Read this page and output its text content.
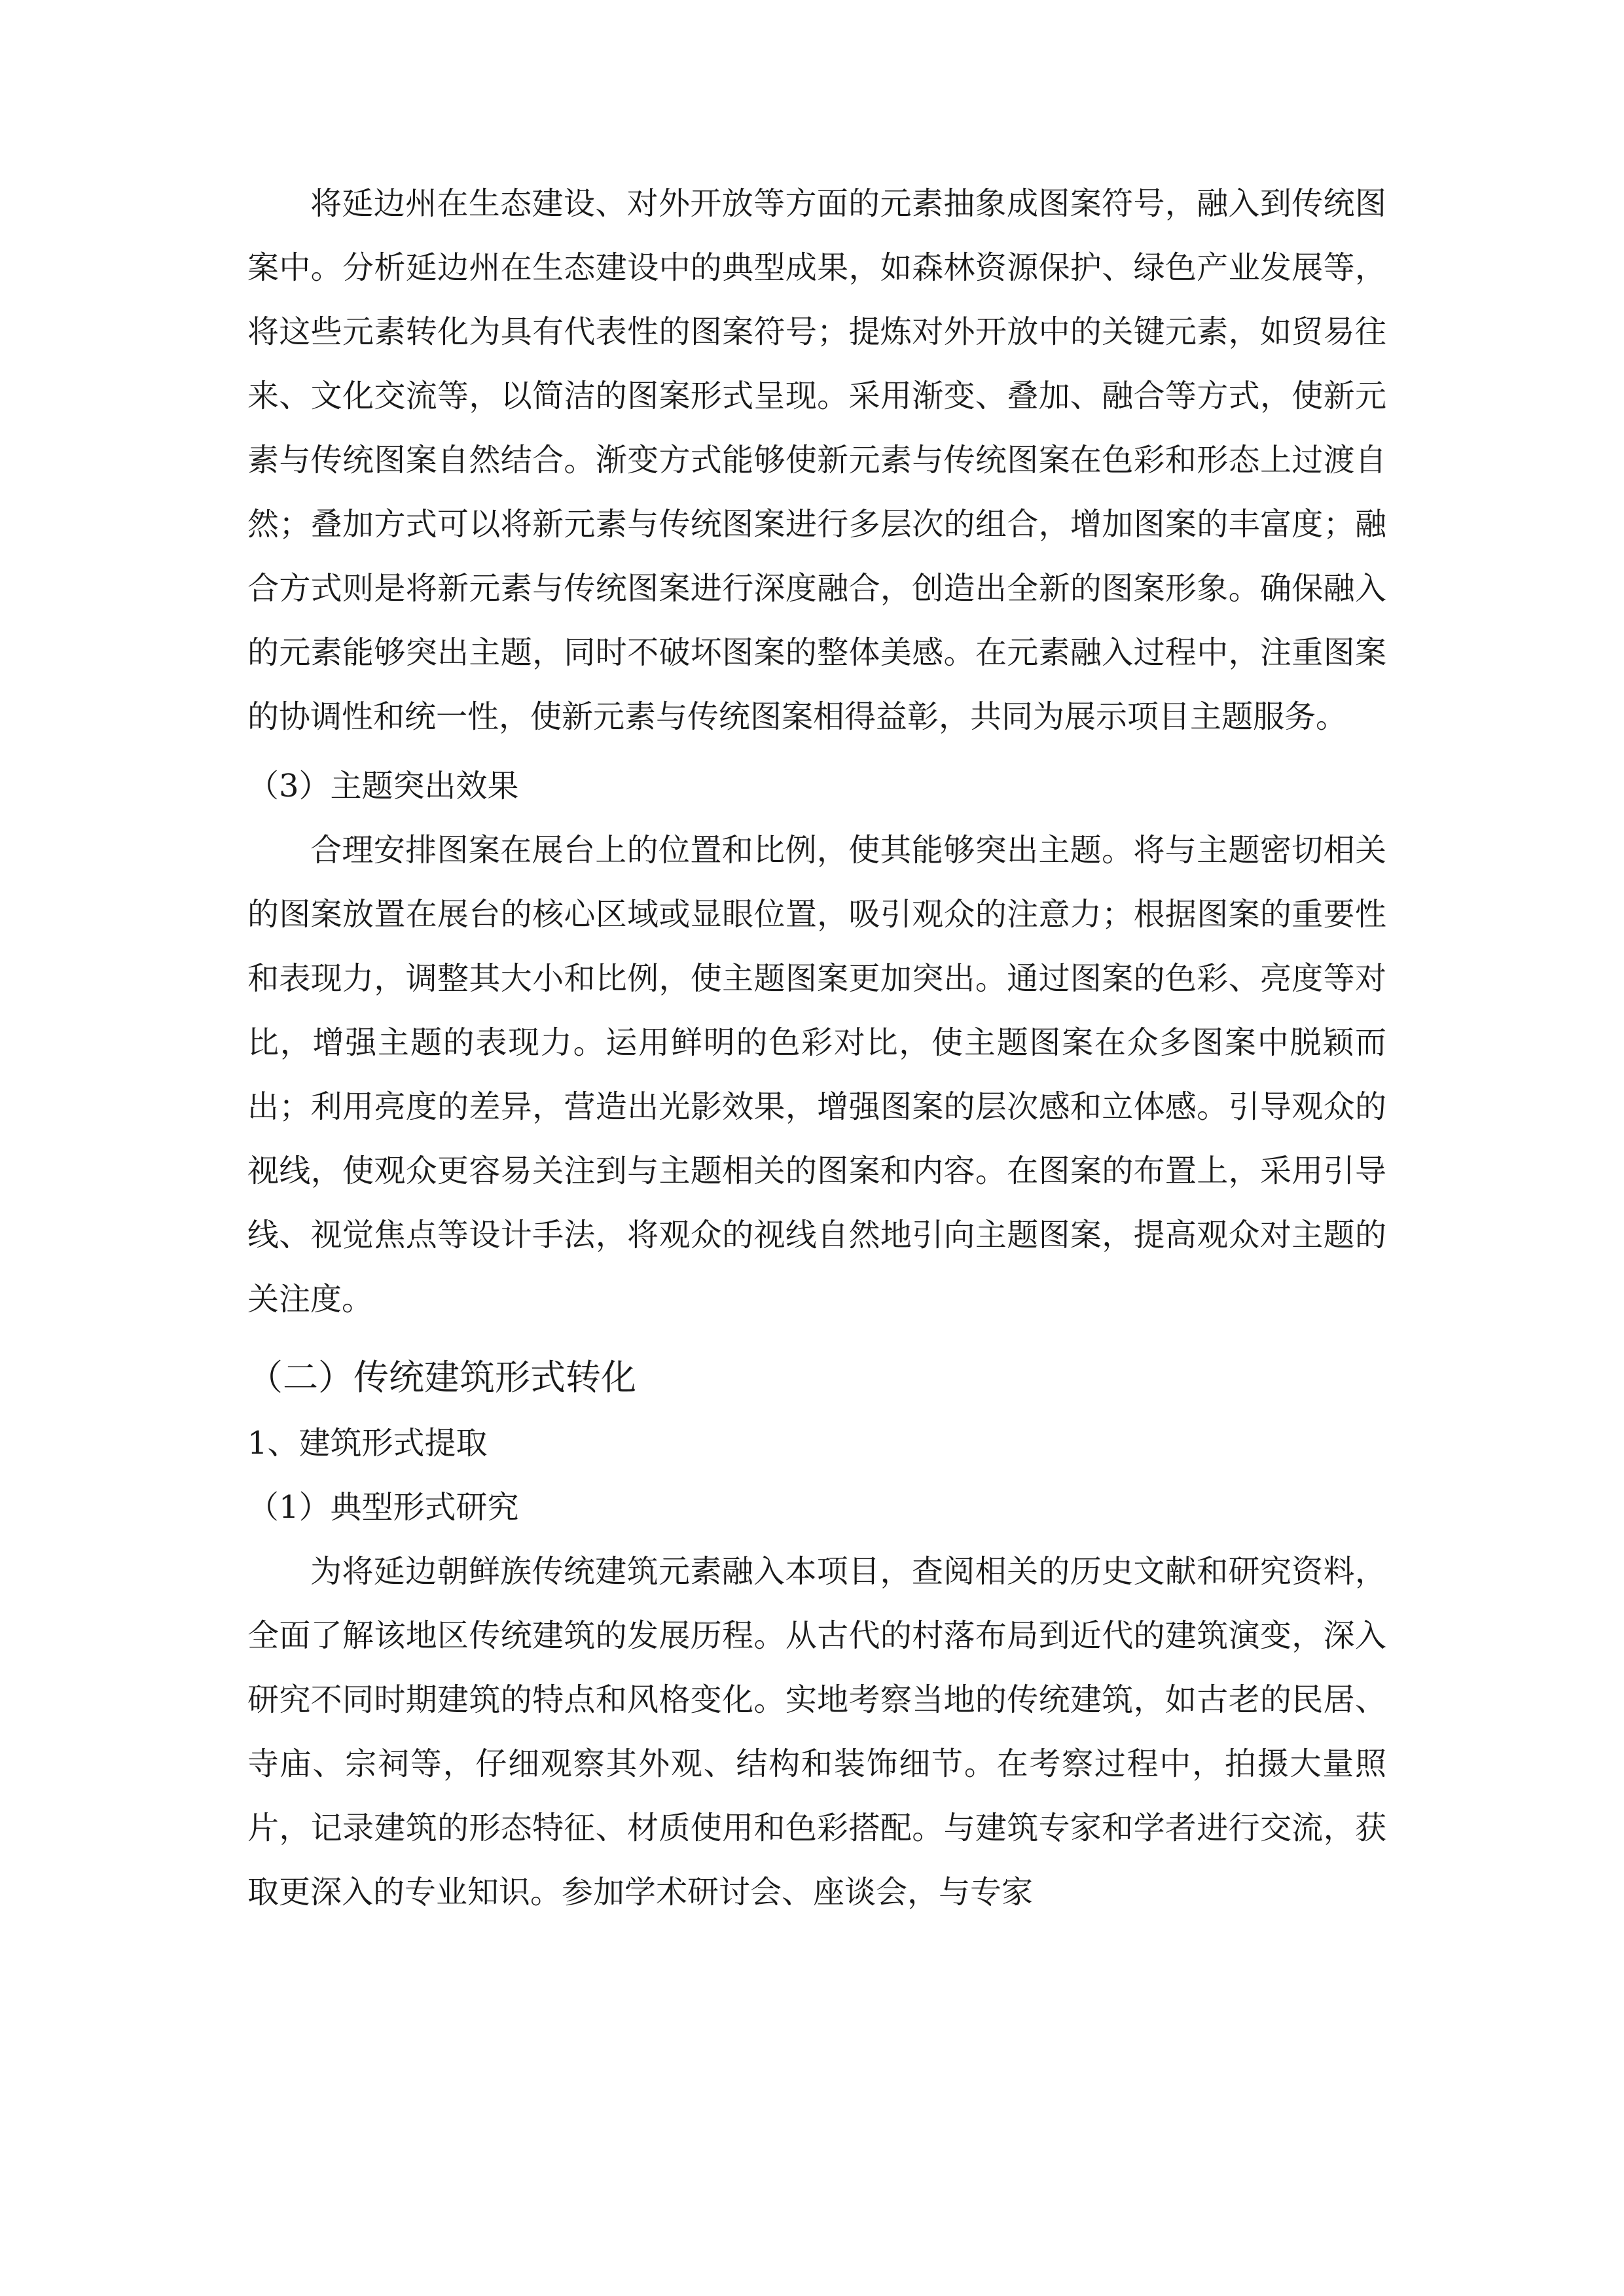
将延边州在生态建设、对外开放等方面的元素抽象成图案符号，融入到传统图案中。分析延边州在生态建设中的典型成果，如森林资源保护、绿色产业发展等，将这些元素转化为具有代表性的图案符号；提炼对外开放中的关键元素，如贸易往来、文化交流等，以简洁的图案形式呈现。采用渐变、叠加、融合等方式，使新元素与传统图案自然结合。渐变方式能够使新元素与传统图案在色彩和形态上过渡自然；叠加方式可以将新元素与传统图案进行多层次的组合，增加图案的丰富度；融合方式则是将新元素与传统图案进行深度融合，创造出全新的图案形象。确保融入的元素能够突出主题，同时不破坏图案的整体美感。在元素融入过程中，注重图案的协调性和统一性，使新元素与传统图案相得益彰，共同为展示项目主题服务。

（3）主题突出效果

合理安排图案在展台上的位置和比例，使其能够突出主题。将与主题密切相关的图案放置在展台的核心区域或显眼位置，吸引观众的注意力；根据图案的重要性和表现力，调整其大小和比例，使主题图案更加突出。通过图案的色彩、亮度等对比，增强主题的表现力。运用鲜明的色彩对比，使主题图案在众多图案中脱颖而出；利用亮度的差异，营造出光影效果，增强图案的层次感和立体感。引导观众的视线，使观众更容易关注到与主题相关的图案和内容。在图案的布置上，采用引导线、视觉焦点等设计手法，将观众的视线自然地引向主题图案，提高观众对主题的关注度。

（二）传统建筑形式转化

1、建筑形式提取

（1）典型形式研究

为将延边朝鲜族传统建筑元素融入本项目，查阅相关的历史文献和研究资料，全面了解该地区传统建筑的发展历程。从古代的村落布局到近代的建筑演变，深入研究不同时期建筑的特点和风格变化。实地考察当地的传统建筑，如古老的民居、寺庙、宗祠等，仔细观察其外观、结构和装饰细节。在考察过程中，拍摄大量照片，记录建筑的形态特征、材质使用和色彩搭配。与建筑专家和学者进行交流，获取更深入的专业知识。参加学术研讨会、座谈会，与专家
